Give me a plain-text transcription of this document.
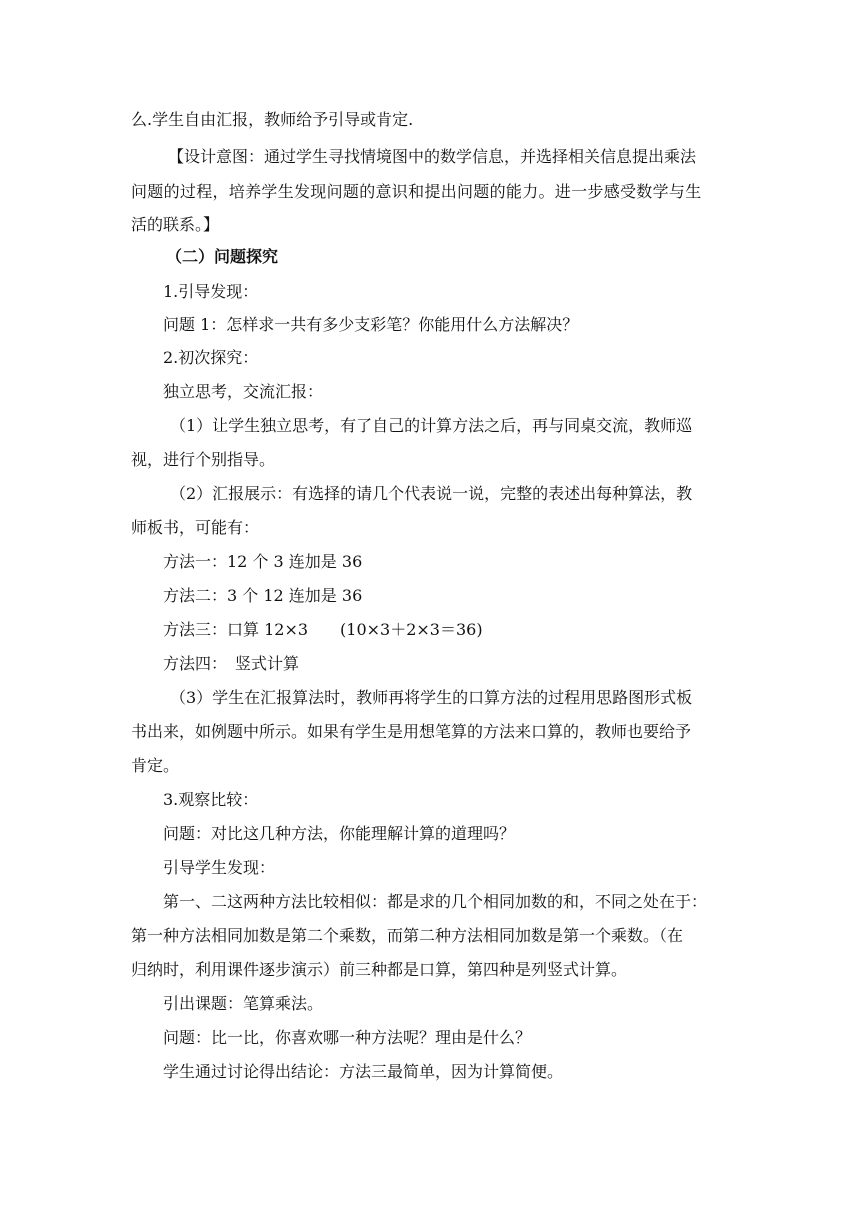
么.学生自由汇报，教师给予引导或肯定.
【设计意图：通过学生寻找情境图中的数学信息，并选择相关信息提出乘法
问题的过程，培养学生发现问题的意识和提出问题的能力。进一步感受数学与生
活的联系。】
（二）问题探究
1.引导发现：
问题 1：怎样求一共有多少支彩笔？你能用什么方法解决？
2.初次探究：
独立思考，交流汇报：
（1）让学生独立思考，有了自己的计算方法之后，再与同桌交流，教师巡
视，进行个别指导。
（2）汇报展示：有选择的请几个代表说一说，完整的表述出每种算法，教
师板书，可能有：
方法一：12 个 3 连加是 36
方法二：3 个 12 连加是 36
方法三：口算 12×3　　(10×3＋2×3＝36)
方法四：　竖式计算
（3）学生在汇报算法时，教师再将学生的口算方法的过程用思路图形式板
书出来，如例题中所示。如果有学生是用想笔算的方法来口算的，教师也要给予
肯定。
3.观察比较：
问题：对比这几种方法，你能理解计算的道理吗？
引导学生发现：
第一、二这两种方法比较相似：都是求的几个相同加数的和，不同之处在于：
第一种方法相同加数是第二个乘数，而第二种方法相同加数是第一个乘数。（在
归纳时，利用课件逐步演示）前三种都是口算，第四种是列竖式计算。
引出课题：笔算乘法。
问题：比一比，你喜欢哪一种方法呢？理由是什么？
学生通过讨论得出结论：方法三最简单，因为计算简便。
